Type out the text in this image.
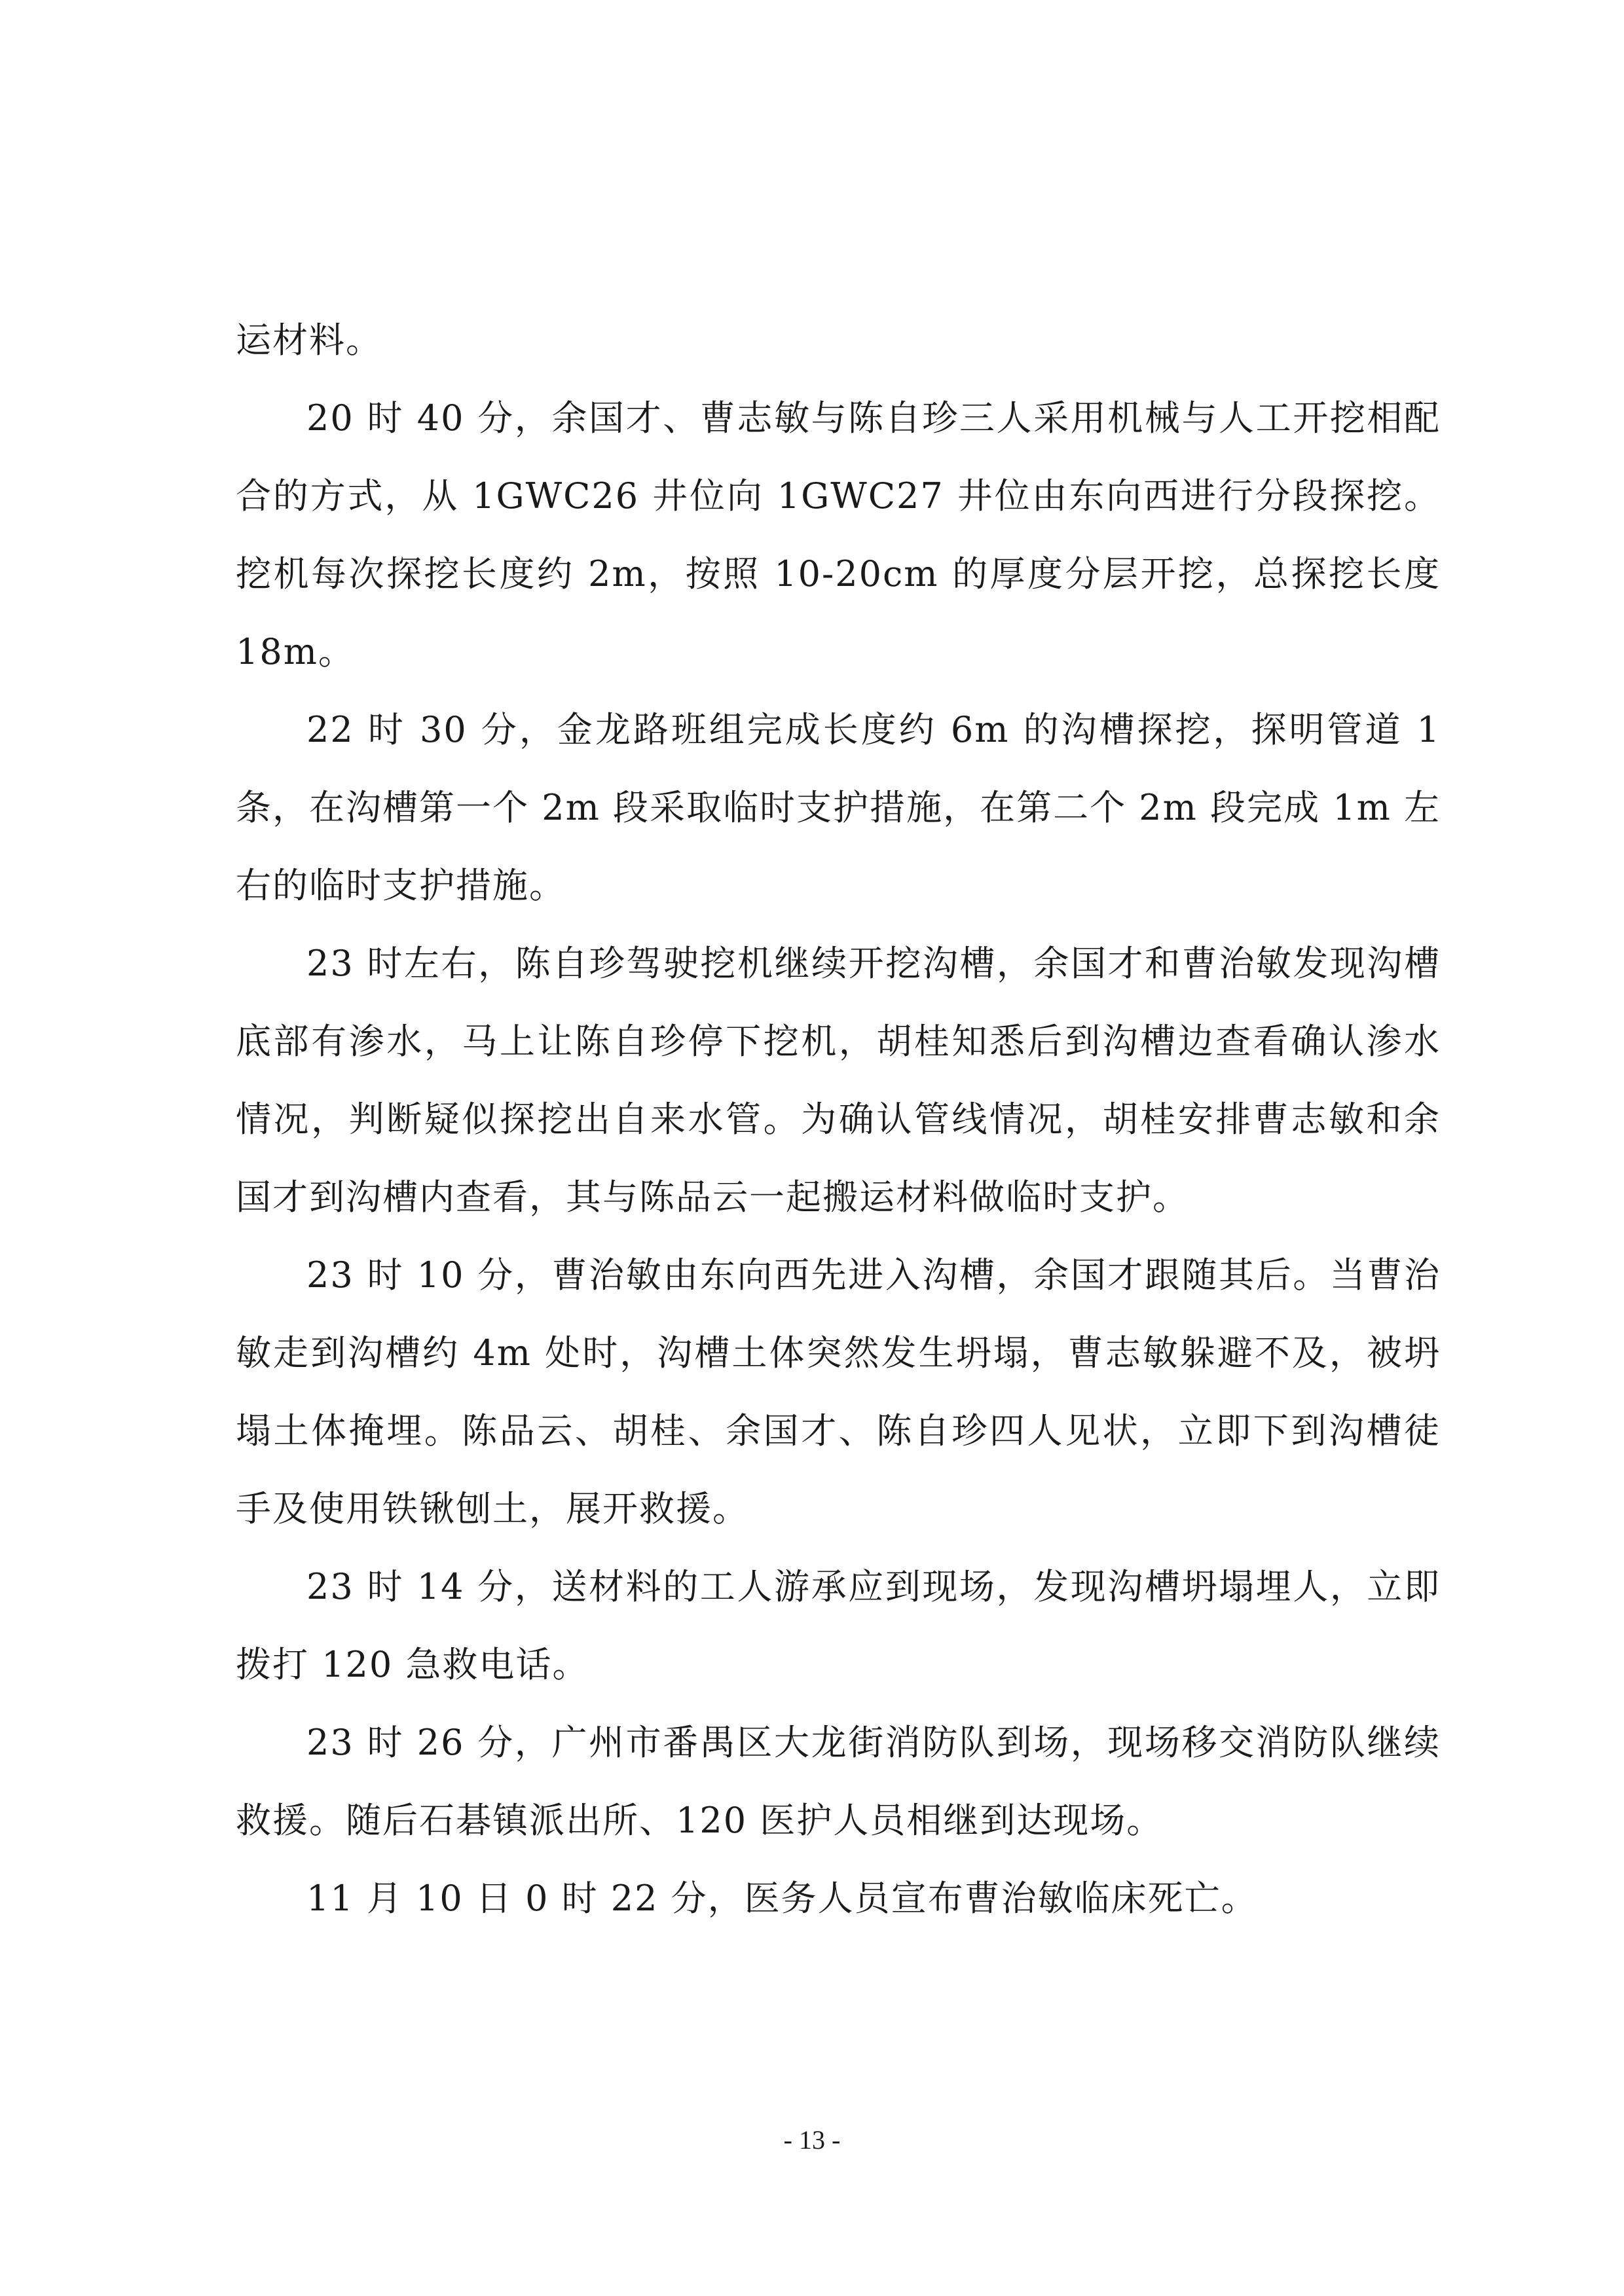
运材料。

20 时 40 分，余国才、曹志敏与陈自珍三人采用机械与人工开挖相配合的方式，从 1GWC26 井位向 1GWC27 井位由东向西进行分段探挖。挖机每次探挖长度约 2m，按照 10-20cm 的厚度分层开挖，总探挖长度 18m。

22 时 30 分，金龙路班组完成长度约 6m 的沟槽探挖，探明管道 1 条，在沟槽第一个 2m 段采取临时支护措施，在第二个 2m 段完成 1m 左右的临时支护措施。

23 时左右，陈自珍驾驶挖机继续开挖沟槽，余国才和曹治敏发现沟槽底部有渗水，马上让陈自珍停下挖机，胡桂知悉后到沟槽边查看确认渗水情况，判断疑似探挖出自来水管。为确认管线情况，胡桂安排曹志敏和余国才到沟槽内查看，其与陈品云一起搬运材料做临时支护。

23 时 10 分，曹治敏由东向西先进入沟槽，余国才跟随其后。当曹治敏走到沟槽约 4m 处时，沟槽土体突然发生坍塌，曹志敏躲避不及，被坍塌土体掩埋。陈品云、胡桂、余国才、陈自珍四人见状，立即下到沟槽徒手及使用铁锹刨土，展开救援。

23 时 14 分，送材料的工人游承应到现场，发现沟槽坍塌埋人，立即拨打 120 急救电话。

23 时 26 分，广州市番禺区大龙街消防队到场，现场移交消防队继续救援。随后石碁镇派出所、120 医护人员相继到达现场。

11 月 10 日 0 时 22 分，医务人员宣布曹治敏临床死亡。

- 13 -
